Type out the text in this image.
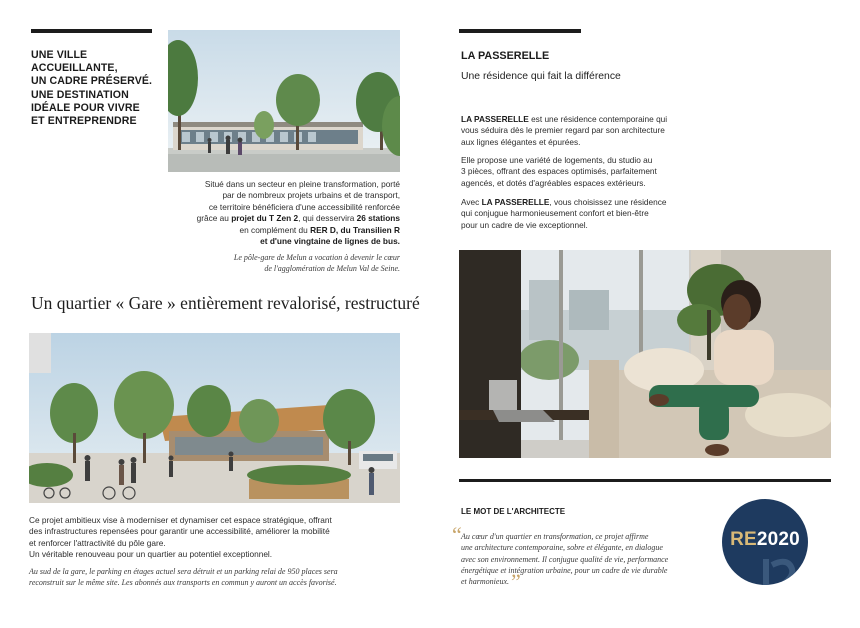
UNE VILLE
ACCUEILLANTE,
UN CADRE PRÉSERVÉ.
UNE DESTINATION
IDÉALE POUR VIVRE
ET ENTREPRENDRE
Situé dans un secteur en pleine transformation, porté
par de nombreux projets urbains et de transport,
ce territoire bénéficiera d'une accessibilité renforcée
grâce au projet du T Zen 2, qui desservira 26 stations
en complément du RER D, du Transilien R
et d'une vingtaine de lignes de bus.
Le pôle-gare de Melun a vocation à devenir le cœur
de l'agglomération de Melun Val de Seine.
Un quartier « Gare » entièrement revalorisé, restructuré
Ce projet ambitieux vise à moderniser et dynamiser cet espace stratégique, offrant
des infrastructures repensées pour garantir une accessibilité, améliorer la mobilité
et renforcer l'attractivité du pôle gare.
Un véritable renouveau pour un quartier au potentiel exceptionnel.
Au sud de la gare, le parking en étages actuel sera détruit et un parking relai de 950 places sera
reconstruit sur le même site. Les abonnés aux transports en commun y auront un accès favorisé.
LA PASSERELLE
Une résidence qui fait la différence
LA PASSERELLE est une résidence contemporaine qui
vous séduira dès le premier regard par son architecture
aux lignes élégantes et épurées.
Elle propose une variété de logements, du studio au
3 pièces, offrant des espaces optimisés, parfaitement
agencés, et dotés d'agréables espaces extérieurs.
Avec LA PASSERELLE, vous choisissez une résidence
qui conjugue harmonieusement confort et bien-être
pour un cadre de vie exceptionnel.
LE MOT DE L'ARCHITECTE
“ Au cœur d'un quartier en transformation, ce projet affirme
une architecture contemporaine, sobre et élégante, en dialogue
avec son environnement. Il conjugue qualité de vie, performance
énergétique et intégration urbaine, pour un cadre de vie durable
et harmonieux. ”
RE2020
